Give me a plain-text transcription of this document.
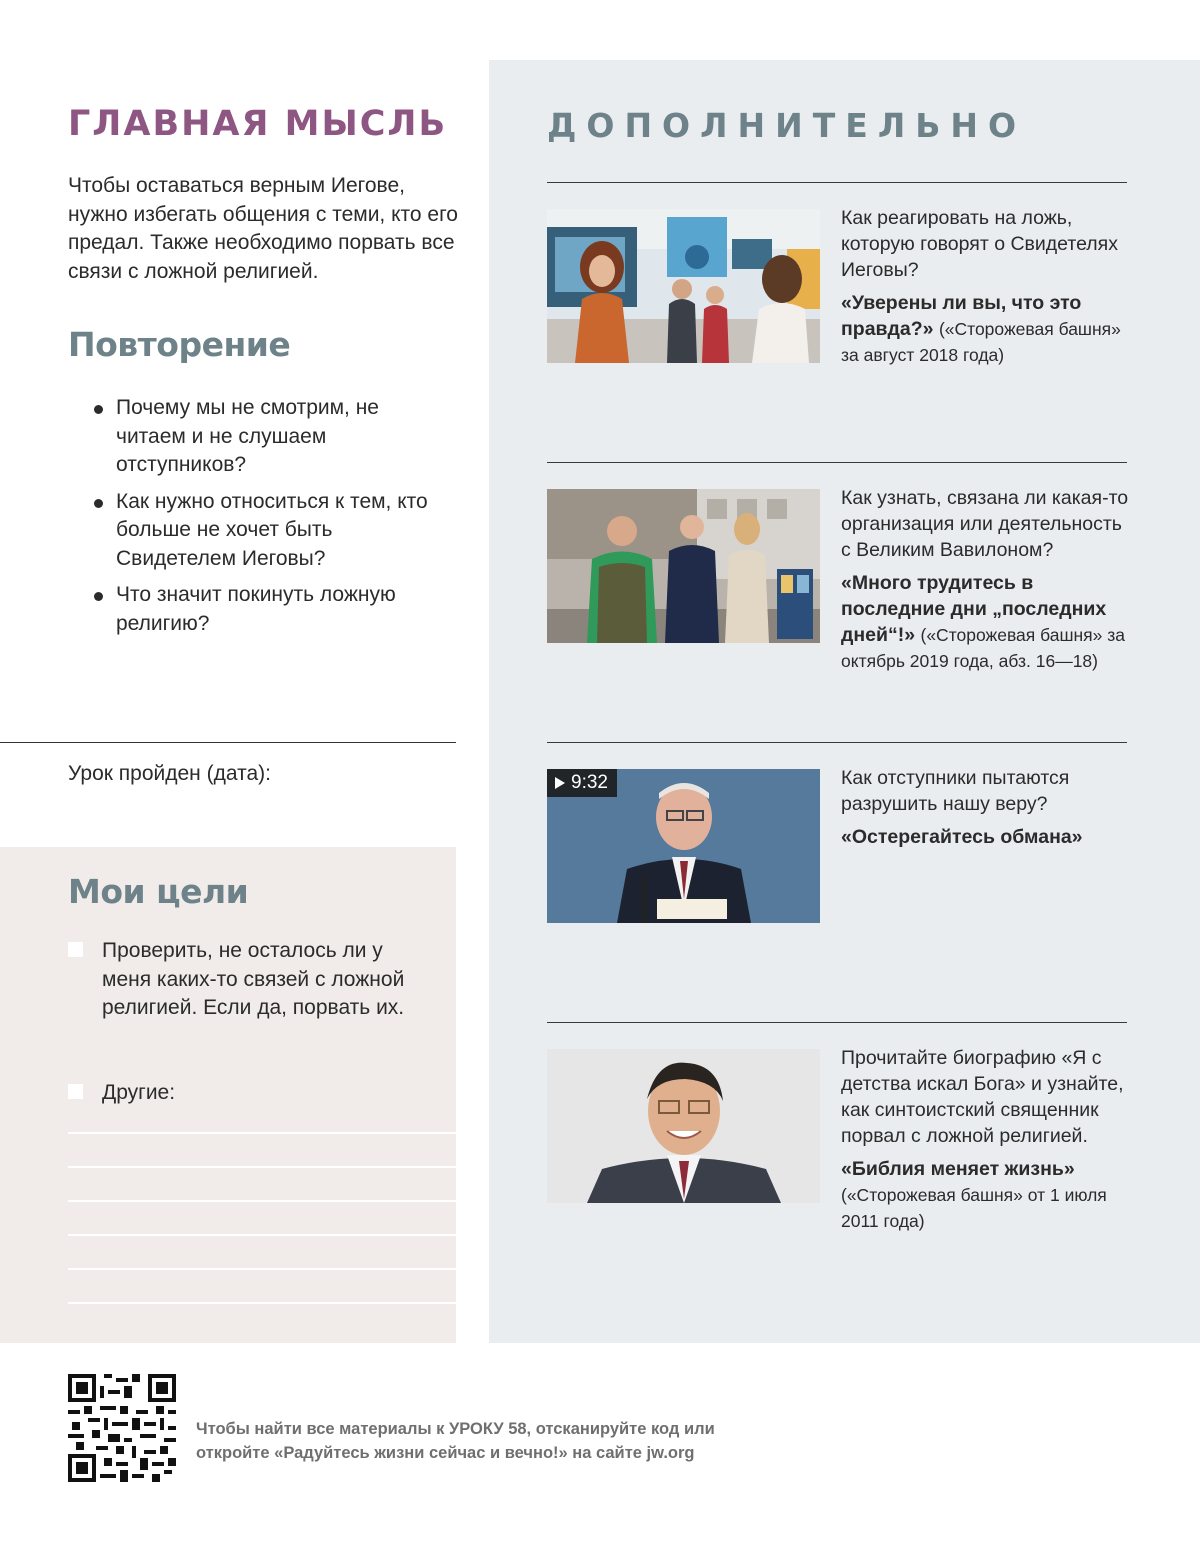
ГЛАВНАЯ МЫСЛЬ

Чтобы оставаться верным Иегове, нужно избегать общения с теми, кто его предал. Также необходимо порвать все связи с ложной религией.

Повторение
Почему мы не смотрим, не читаем и не слушаем отступников?
Как нужно относиться к тем, кто больше не хочет быть Свидетелем Иеговы?
Что значит покинуть ложную религию?
Урок пройден (дата):
Мои цели
Проверить, не осталось ли у меня каких-то связей с ложной религией. Если да, порвать их.
Другие:
ДОПОЛНИТЕЛЬНО

Как реагировать на ложь, которую говорят о Свидетелях Иеговы?

«Уверены ли вы, что это правда?» («Сторожевая башня» за август 2018 года)

Как узнать, связана ли какая-то организация или деятельность с Великим Вавилоном?

«Много трудитесь в последние дни „последних дней“!» («Сторожевая башня» за октябрь 2019 года, абз. 16—18)

9:32	Как отступники пытаются разрушить нашу веру?

«Остерегайтесь обмана»

Прочитайте биографию «Я с детства искал Бога» и узнайте, как синтоистский священник порвал с ложной религией.

«Библия меняет жизнь»
(«Сторожевая башня» от 1 июля 2011 года)

Чтобы найти все материалы к УРОКУ 58, отсканируйте код или откройте «Радуйтесь жизни сейчас и вечно!» на сайте jw.org
